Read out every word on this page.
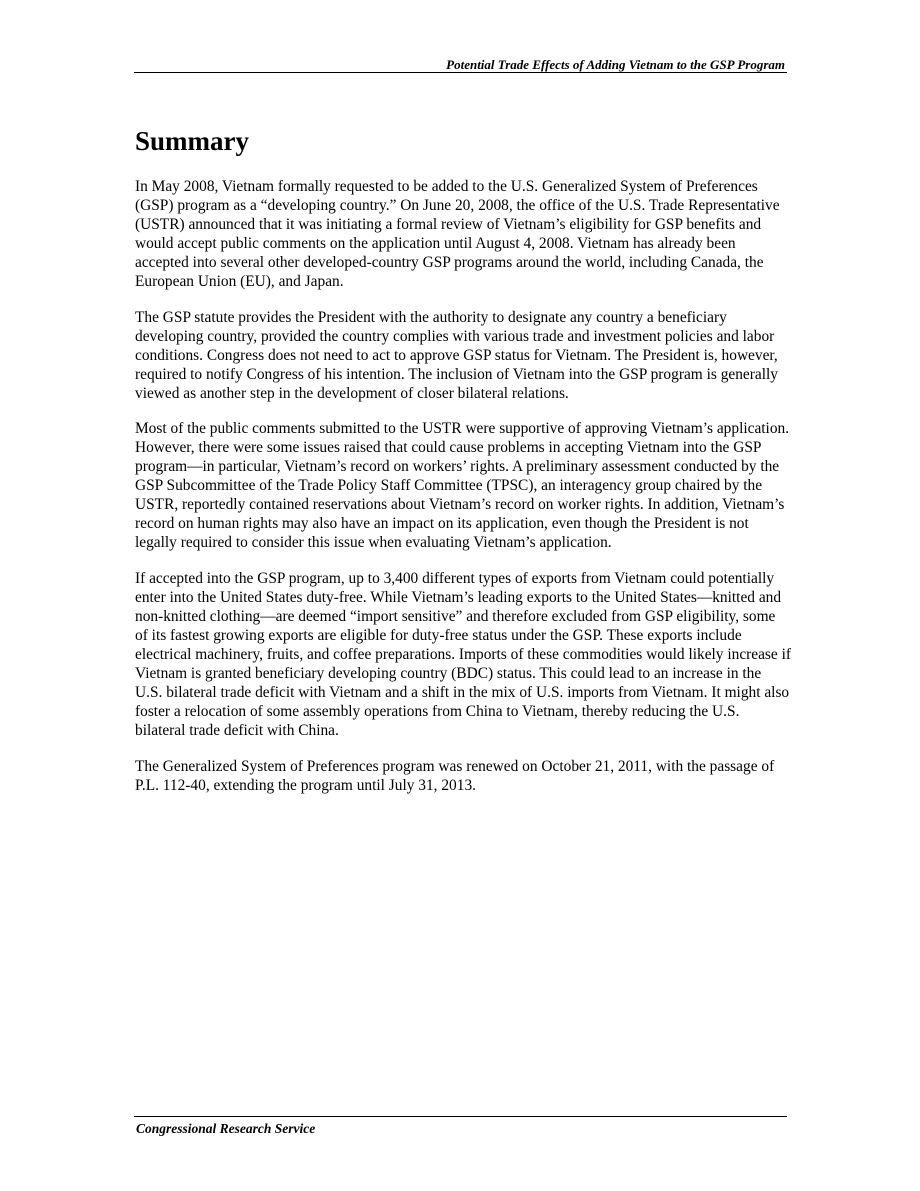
Potential Trade Effects of Adding Vietnam to the GSP Program
Summary

In May 2008, Vietnam formally requested to be added to the U.S. Generalized System of Preferences (GSP) program as a “developing country.” On June 20, 2008, the office of the U.S. Trade Representative (USTR) announced that it was initiating a formal review of Vietnam’s eligibility for GSP benefits and would accept public comments on the application until August 4, 2008. Vietnam has already been accepted into several other developed-country GSP programs around the world, including Canada, the European Union (EU), and Japan.

The GSP statute provides the President with the authority to designate any country a beneficiary developing country, provided the country complies with various trade and investment policies and labor conditions. Congress does not need to act to approve GSP status for Vietnam. The President is, however, required to notify Congress of his intention. The inclusion of Vietnam into the GSP program is generally viewed as another step in the development of closer bilateral relations.

Most of the public comments submitted to the USTR were supportive of approving Vietnam’s application. However, there were some issues raised that could cause problems in accepting Vietnam into the GSP program—in particular, Vietnam’s record on workers’ rights. A preliminary assessment conducted by the GSP Subcommittee of the Trade Policy Staff Committee (TPSC), an interagency group chaired by the USTR, reportedly contained reservations about Vietnam’s record on worker rights. In addition, Vietnam’s record on human rights may also have an impact on its application, even though the President is not legally required to consider this issue when evaluating Vietnam’s application.

If accepted into the GSP program, up to 3,400 different types of exports from Vietnam could potentially enter into the United States duty-free. While Vietnam’s leading exports to the United States—knitted and non-knitted clothing—are deemed “import sensitive” and therefore excluded from GSP eligibility, some of its fastest growing exports are eligible for duty-free status under the GSP. These exports include electrical machinery, fruits, and coffee preparations. Imports of these commodities would likely increase if Vietnam is granted beneficiary developing country (BDC) status. This could lead to an increase in the U.S. bilateral trade deficit with Vietnam and a shift in the mix of U.S. imports from Vietnam. It might also foster a relocation of some assembly operations from China to Vietnam, thereby reducing the U.S. bilateral trade deficit with China.

The Generalized System of Preferences program was renewed on October 21, 2011, with the passage of P.L. 112-40, extending the program until July 31, 2013.

Congressional Research Service
